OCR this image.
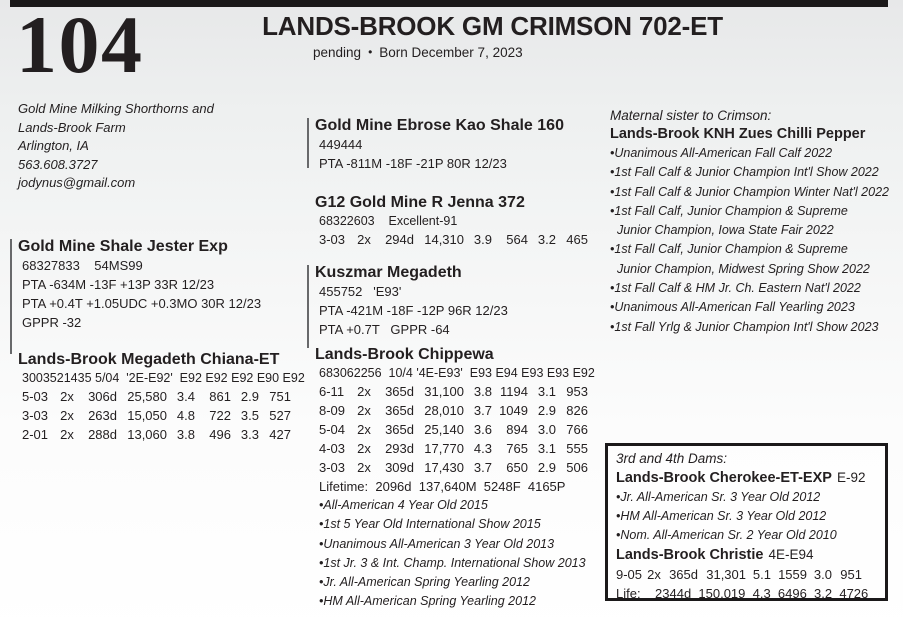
104	LANDS-BROOK GM CRIMSON 702-ET
pending • Born December 7, 2023
Gold Mine Milking Shorthorns and
Lands-Brook Farm
Arlington, IA
563.608.3727
jodynus@gmail.com
Gold Mine Shale Jester Exp
68327833    54MS99
PTA -634M -13F +13P 33R 12/23
PTA +0.4T +1.05UDC +0.3MO 30R 12/23
GPPR -32
Lands-Brook Megadeth Chiana-ET
3003521435 5/04  '2E-E92'  E92 E92 E92 E90 E92
5-03 2x	306d 25,580 3.4	861 2.9 751
3-03 2x	263d 15,050 4.8	722 3.5 527
2-01 2x	288d 13,060 3.8	496 3.3 427
Gold Mine Ebrose Kao Shale 160
449444
PTA -811M -18F -21P 80R 12/23
G12 Gold Mine R Jenna 372
68322603    Excellent-91
3-03 2x	294d 14,310 3.9	564 3.2 465
Kuszmar Megadeth
455752   'E93'
PTA -421M -18F -12P 96R 12/23
PTA +0.7T   GPPR -64
Lands-Brook Chippewa
683062256  10/4 '4E-E93'  E93 E94 E93 E93 E92
6-11	2x	365d 31,100 3.8 1194 3.1 953
8-09 2x	365d 28,010 3.7 1049 2.9 826
5-04 2x	365d 25,140 3.6	894 3.0 766
4-03 2x	293d 17,770 4.3	765 3.1 555
3-03 2x	309d 17,430 3.7	650 2.9 506
Lifetime:  2096d  137,640M  5248F  4165P
•All-American 4 Year Old 2015
•1st 5 Year Old International Show 2015
•Unanimous All-American 3 Year Old 2013
•1st Jr. 3 & Int. Champ. International Show 2013
•Jr. All-American Spring Yearling 2012
•HM All-American Spring Yearling 2012
Maternal sister to Crimson:
Lands-Brook KNH Zues Chilli Pepper
•Unanimous All-American Fall Calf 2022
•1st Fall Calf & Junior Champion Int'l Show 2022
•1st Fall Calf & Junior Champion Winter Nat'l 2022
•1st Fall Calf, Junior Champion & Supreme
Junior Champion, Iowa State Fair 2022
•1st Fall Calf, Junior Champion & Supreme
Junior Champion, Midwest Spring Show 2022
•1st Fall Calf & HM Jr. Ch. Eastern Nat'l 2022
•Unanimous All-American Fall Yearling 2023
•1st Fall Yrlg & Junior Champion Int'l Show 2023
3rd and 4th Dams:
Lands-Brook Cherokee-ET-EXP E-92
•Jr. All-American Sr. 3 Year Old 2012
•HM All-American Sr. 3 Year Old 2012
•Nom. All-American Sr. 2 Year Old 2010
Lands-Brook Christie 4E-E94
9-05 2x 365d 31,301 5.1 1559 3.0 951
Life:    2344d  150,019  4.3  6496  3.2  4726
